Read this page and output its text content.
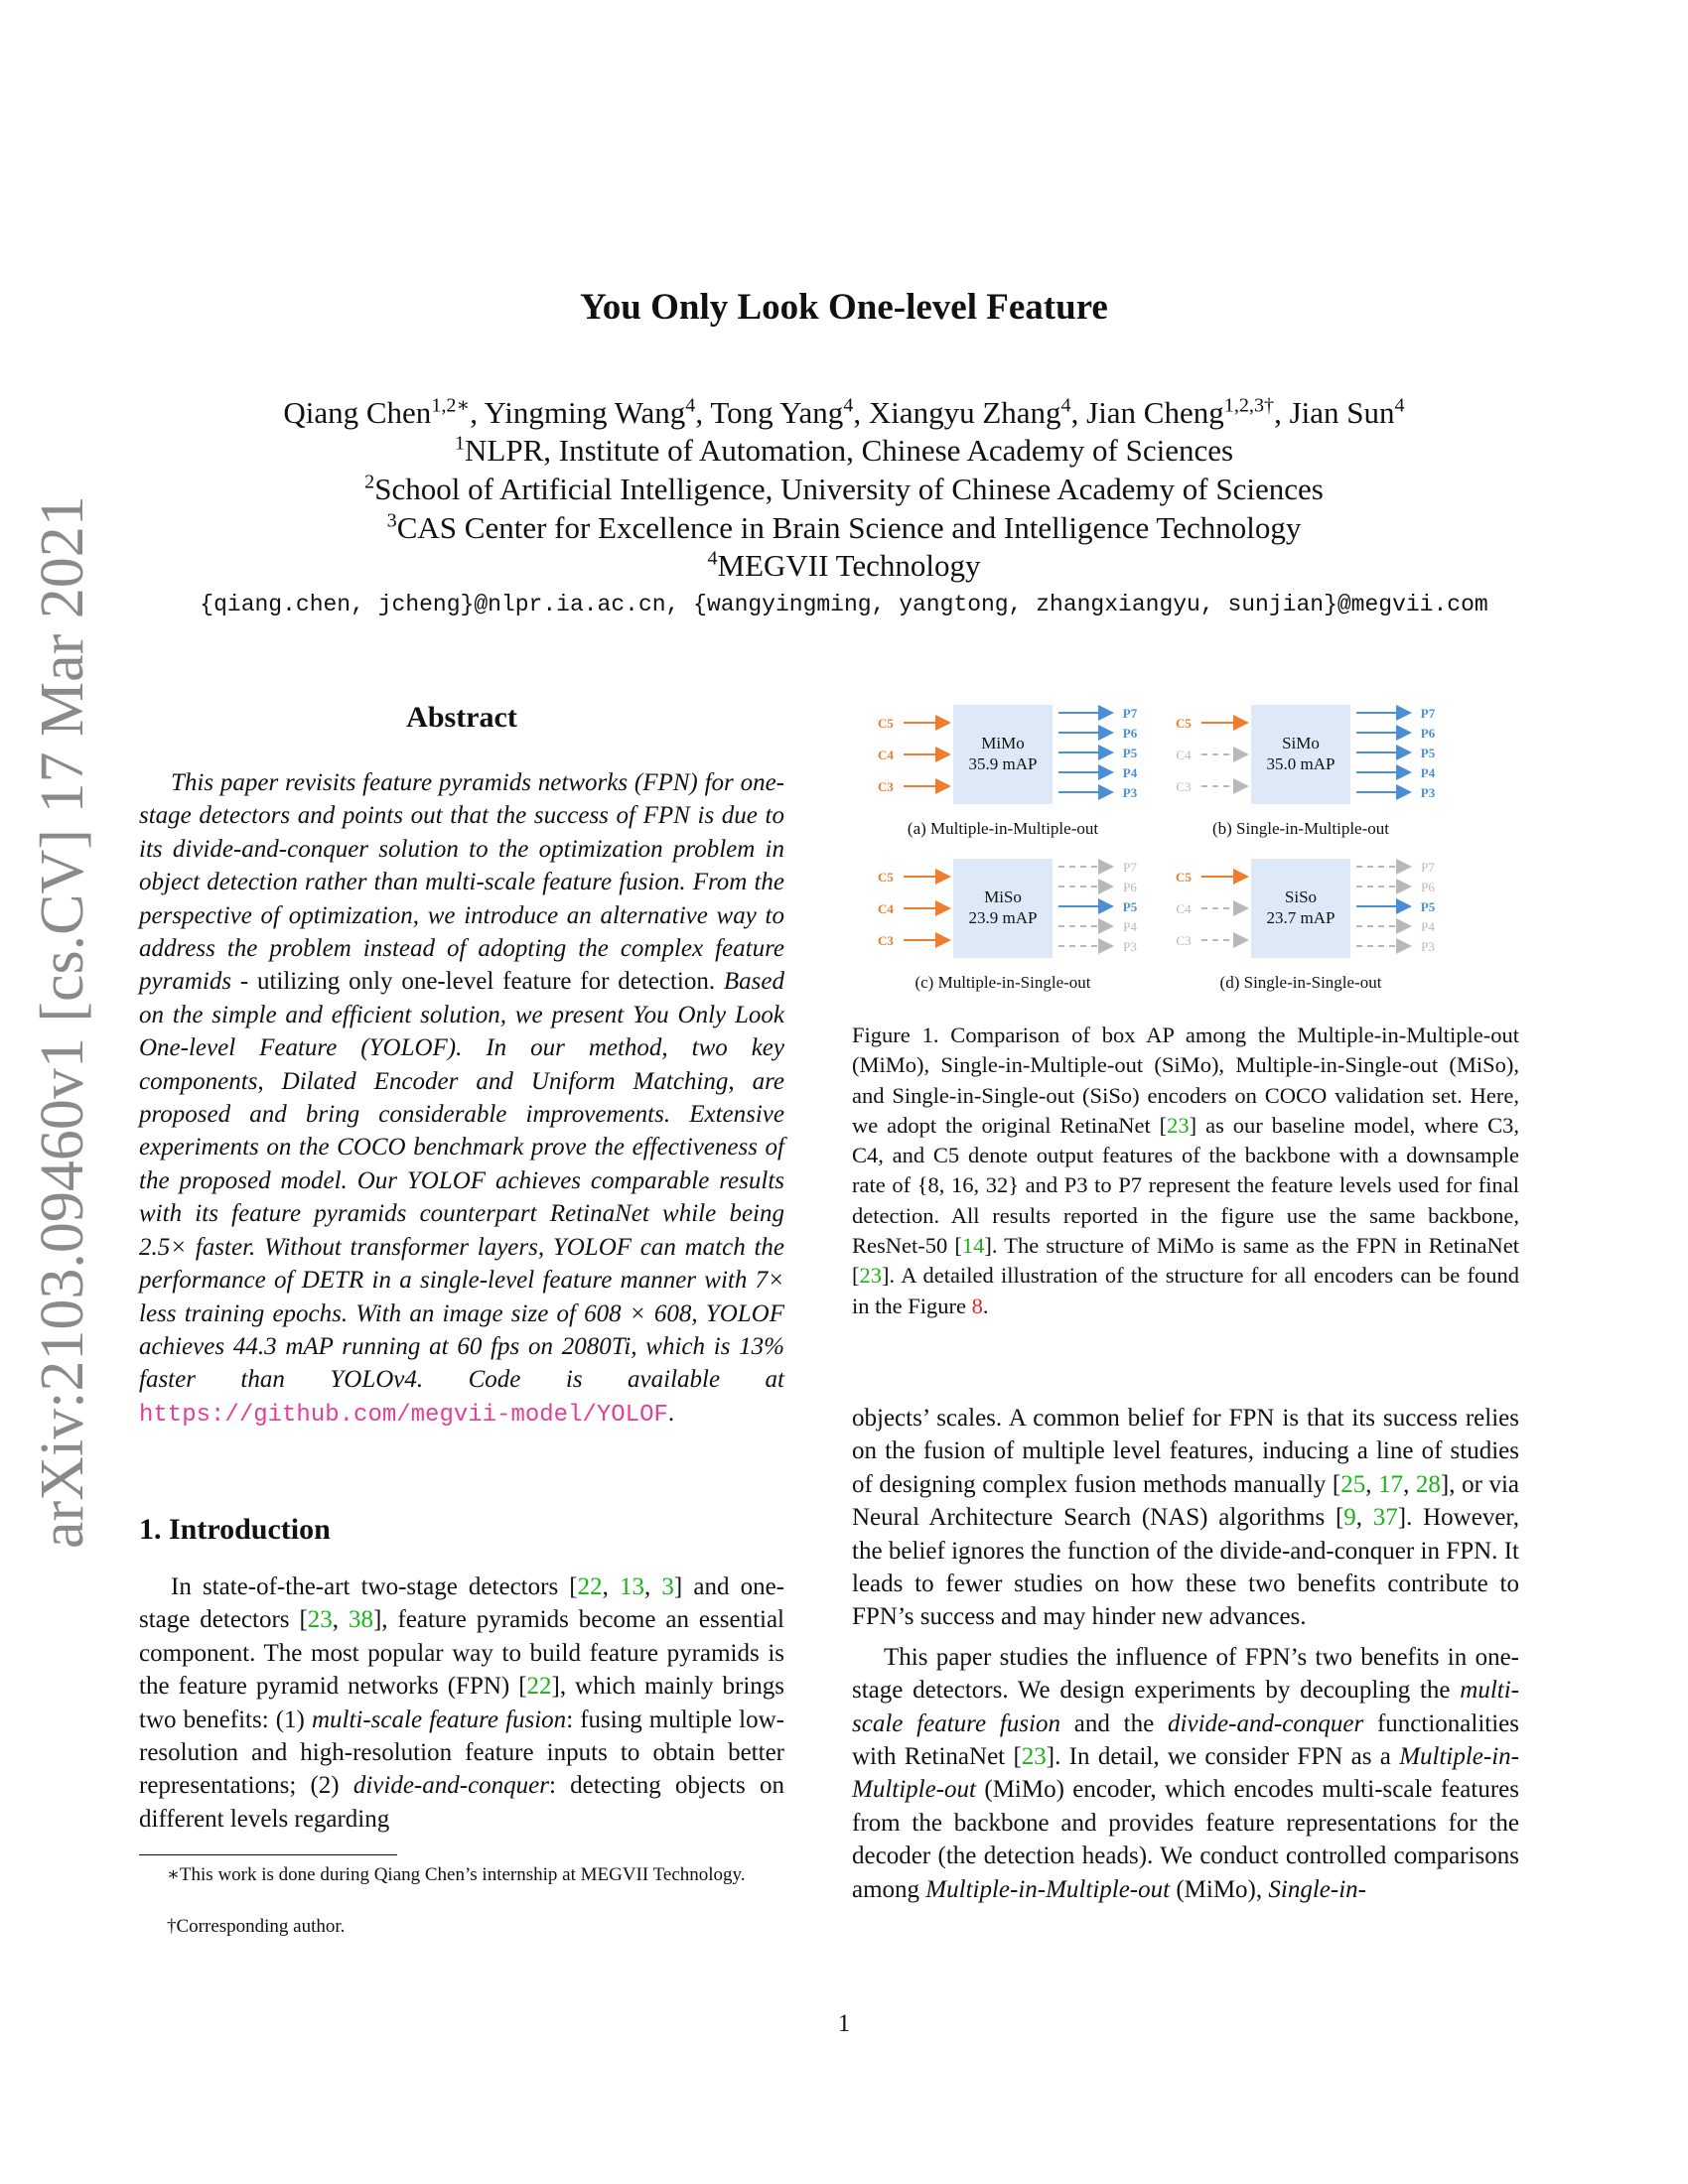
arXiv:2103.09460v1 [cs.CV] 17 Mar 2021
You Only Look One-level Feature
Qiang Chen$^{1,2∗}$, Yingming Wang$^4$, Tong Yang$^4$, Xiangyu Zhang$^4$, Jian Cheng$^{1,2,3\dagger}$, Jian Sun$^4$
$^1$NLPR, Institute of Automation, Chinese Academy of Sciences
$^2$School of Artificial Intelligence, University of Chinese Academy of Sciences
$^3$CAS Center for Excellence in Brain Science and Intelligence Technology
$^4$MEGVII Technology
{qiang.chen, jcheng}@nlpr.ia.ac.cn, {wangyingming, yangtong, zhangxiangyu, sunjian}@megvii.com
Abstract

This paper revisits feature pyramids networks (FPN) for one-stage detectors and points out that the success of FPN is due to its divide-and-conquer solution to the optimization problem in object detection rather than multi-scale feature fusion. From the perspective of optimization, we introduce an alternative way to address the problem instead of adopting the complex feature pyramids - utilizing only one-level feature for detection. Based on the simple and efficient solution, we present You Only Look One-level Feature (YOLOF). In our method, two key components, Dilated Encoder and Uniform Matching, are proposed and bring considerable improvements. Extensive experiments on the COCO benchmark prove the effectiveness of the proposed model. Our YOLOF achieves comparable results with its feature pyramids counterpart RetinaNet while being 2.5× faster. Without transformer layers, YOLOF can match the performance of DETR in a single-level feature manner with 7× less training epochs. With an image size of 608 × 608, YOLOF achieves 44.3 mAP running at 60 fps on 2080Ti, which is 13% faster than YOLOv4. Code is available at https://github.com/megvii-model/YOLOF.

1. Introduction

In state-of-the-art two-stage detectors [22, 13, 3] and one-stage detectors [23, 38], feature pyramids become an essential component. The most popular way to build feature pyramids is the feature pyramid networks (FPN) [22], which mainly brings two benefits: (1) multi-scale feature fusion: fusing multiple low-resolution and high-resolution feature inputs to obtain better representations; (2) divide-and-conquer: detecting objects on different levels regarding

∗This work is done during Qiang Chen’s internship at MEGVII Technology.
†Corresponding author.
MiMo
35.9 mAP
C5
C4
C3
P7
P6
P5
P4
P3
(a) Multiple-in-Multiple-out
SiMo
35.0 mAP
C5
C4
C3
P7
P6
P5
P4
P3
(b) Single-in-Multiple-out
MiSo
23.9 mAP
C5
C4
C3
P7
P6
P5
P4
P3
(c) Multiple-in-Single-out
SiSo
23.7 mAP
C5
C4
C3
P7
P6
P5
P4
P3
(d) Single-in-Single-out
Figure 1. Comparison of box AP among the Multiple-in-Multiple-out (MiMo), Single-in-Multiple-out (SiMo), Multiple-in-Single-out (MiSo), and Single-in-Single-out (SiSo) encoders on COCO validation set. Here, we adopt the original RetinaNet [23] as our baseline model, where C3, C4, and C5 denote output features of the backbone with a downsample rate of {8, 16, 32} and P3 to P7 represent the feature levels used for final detection. All results reported in the figure use the same backbone, ResNet-50 [14]. The structure of MiMo is same as the FPN in RetinaNet [23]. A detailed illustration of the structure for all encoders can be found in the Figure 8.

objects’ scales. A common belief for FPN is that its success relies on the fusion of multiple level features, inducing a line of studies of designing complex fusion methods manually [25, 17, 28], or via Neural Architecture Search (NAS) algorithms [9, 37]. However, the belief ignores the function of the divide-and-conquer in FPN. It leads to fewer studies on how these two benefits contribute to FPN’s success and may hinder new advances.

This paper studies the influence of FPN’s two benefits in one-stage detectors. We design experiments by decoupling the multi-scale feature fusion and the divide-and-conquer functionalities with RetinaNet [23]. In detail, we consider FPN as a Multiple-in-Multiple-out (MiMo) encoder, which encodes multi-scale features from the backbone and provides feature representations for the decoder (the detection heads). We conduct controlled comparisons among Multiple-in-Multiple-out (MiMo), Single-in-

1
